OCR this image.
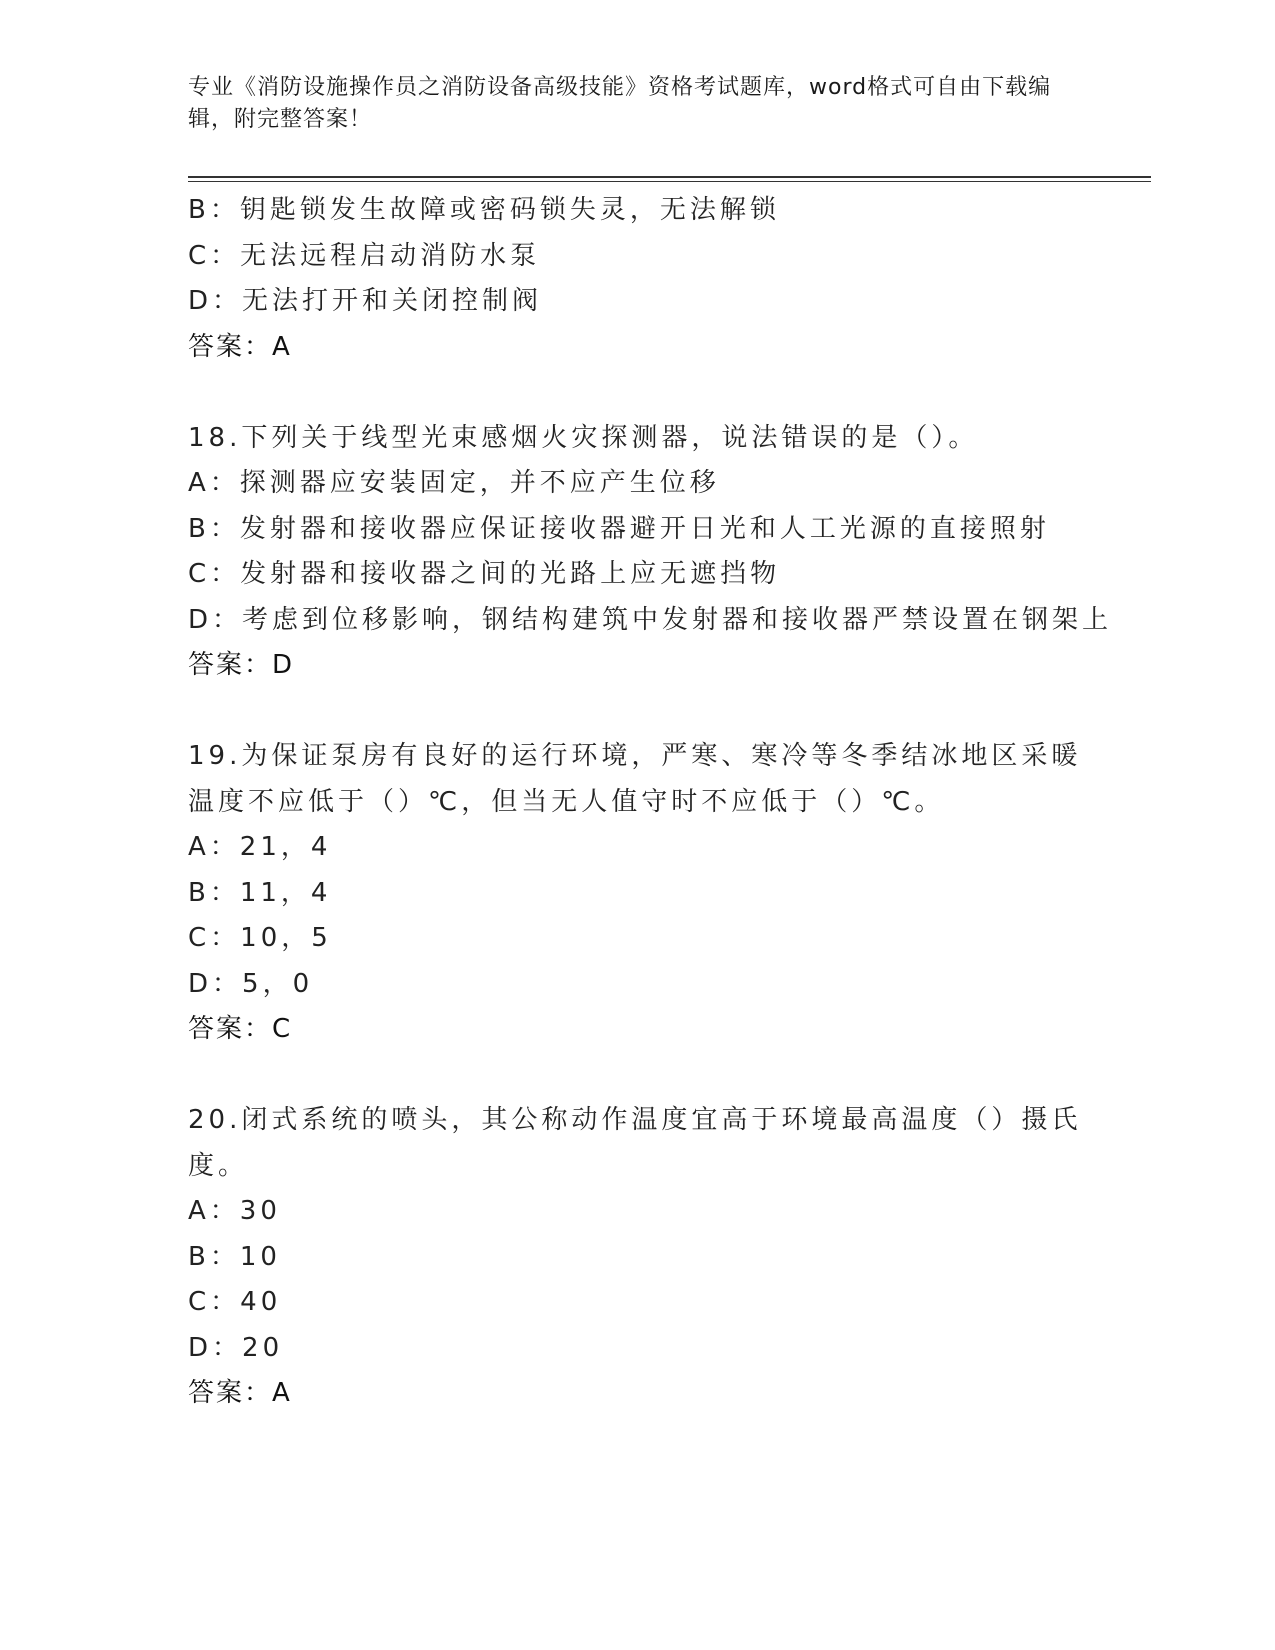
专业《消防设施操作员之消防设备高级技能》资格考试题库，word格式可自由下载编辑，附完整答案！
B：钥匙锁发生故障或密码锁失灵，无法解锁
C：无法远程启动消防水泵
D：无法打开和关闭控制阀
答案：A
18.下列关于线型光束感烟火灾探测器，说法错误的是（）。
A：探测器应安装固定，并不应产生位移
B：发射器和接收器应保证接收器避开日光和人工光源的直接照射
C：发射器和接收器之间的光路上应无遮挡物
D：考虑到位移影响，钢结构建筑中发射器和接收器严禁设置在钢架上
答案：D
19.为保证泵房有良好的运行环境，严寒、寒冷等冬季结冰地区采暖温度不应低于（）℃，但当无人值守时不应低于（）℃。
A：21，4
B：11，4
C：10，5
D：5，0
答案：C
20.闭式系统的喷头，其公称动作温度宜高于环境最高温度（）摄氏度。
A：30
B：10
C：40
D：20
答案：A
